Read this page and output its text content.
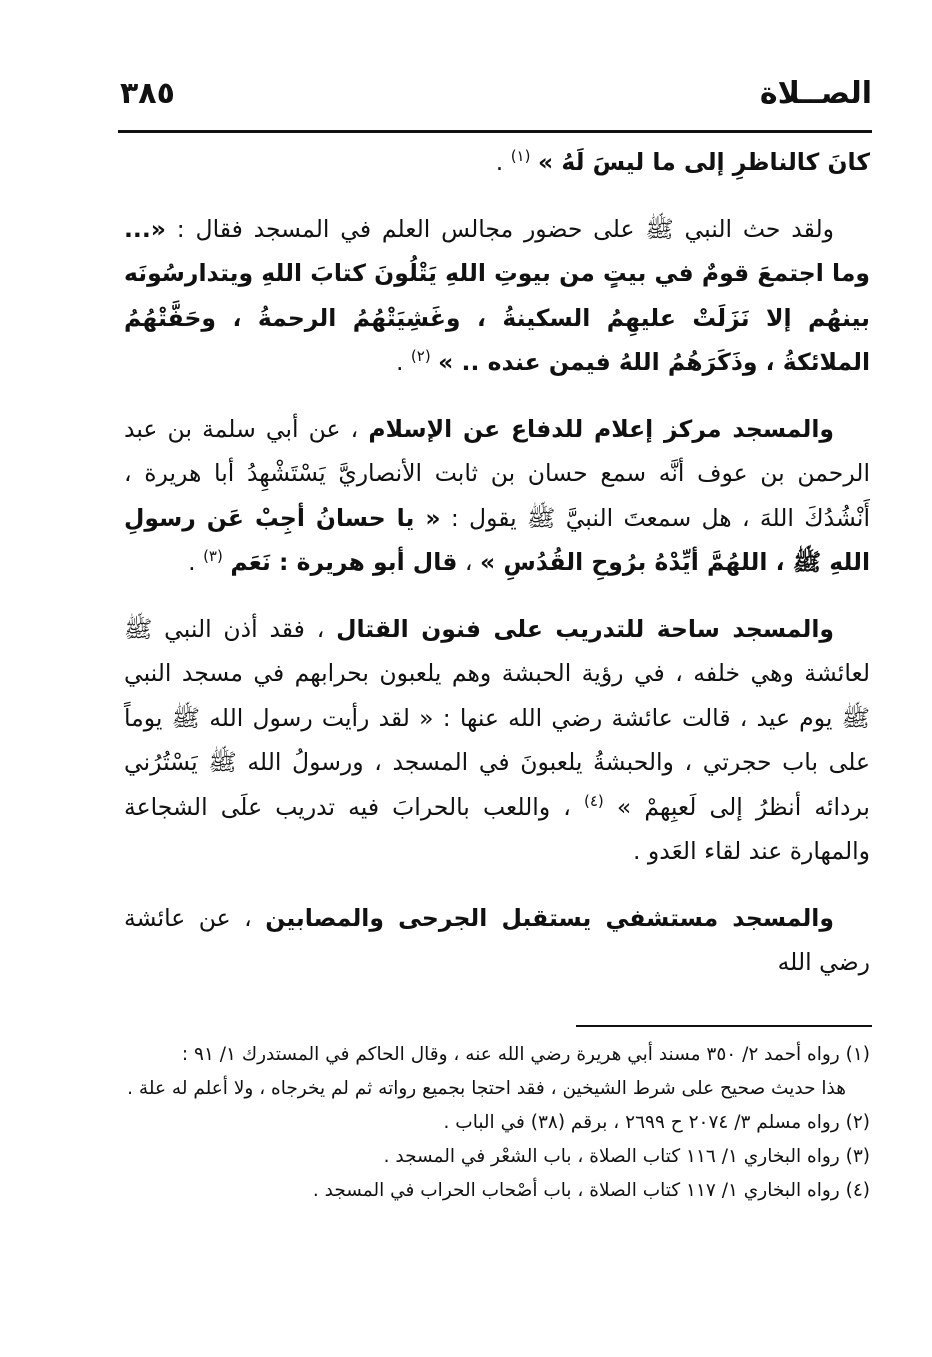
الصــلاة
٣٨٥

كانَ كالناظرِ إلى ما ليسَ لَهُ » $^{(١)}$ .

ولقد حث النبي ﷺ على حضور مجالس العلم في المسجد فقال : «... وما اجتمعَ قومٌ في بيتٍ من بيوتِ اللهِ يَتْلُونَ كتابَ اللهِ ويتدارسُونَه بينهُم إلا نَزَلَتْ عليهِمُ السكينةُ ، وغَشِيَتْهُمُ الرحمةُ ، وحَفَّتْهُمُ الملائكةُ ، وذَكَرَهُمُ اللهُ فيمن عنده .. » $^{(٢)}$ .

والمسجد مركز إعلام للدفاع عن الإسلام ، عن أبي سلمة بن عبد الرحمن بن عوف أنَّه سمع حسان بن ثابت الأنصاريَّ يَسْتَشْهِدُ أبا هريرة ، أَنْشُدُكَ اللهَ ، هل سمعتَ النبيَّ ﷺ يقول : « يا حسانُ أجِبْ عَن رسولِ اللهِ ﷺ ، اللهُمَّ أيِّدْهُ برُوحِ القُدُسِ » ، قال أبو هريرة : نَعَم $^{(٣)}$ .

والمسجد ساحة للتدريب على فنون القتال ، فقد أذن النبي ﷺ لعائشة وهي خلفه ، في رؤية الحبشة وهم يلعبون بحرابهم في مسجد النبي ﷺ يوم عيد ، قالت عائشة رضي الله عنها : « لقد رأيت رسول الله ﷺ يوماً على باب حجرتي ، والحبشةُ يلعبونَ في المسجد ، ورسولُ الله ﷺ يَسْتُرُني بردائه أنظرُ إلى لَعبِهمْ » $^{(٤)}$ ، واللعب بالحرابَ فيه تدريب علَى الشجاعة والمهارة عند لقاء العَدو .

والمسجد مستشفي يستقبل الجرحى والمصابين ، عن عائشة رضي الله

(١) رواه أحمد ٢/ ٣٥٠ مسند أبي هريرة رضي الله عنه ، وقال الحاكم في المستدرك ١/ ٩١ :

هذا حديث صحيح على شرط الشيخين ، فقد احتجا بجميع رواته ثم لم يخرجاه ، ولا أعلم له علة .

(٢) رواه مسلم ٣/ ٢٠٧٤ ح ٢٦٩٩ ، برقم (٣٨) في الباب .

(٣) رواه البخاري ١/ ١١٦ كتاب الصلاة ، باب الشعْر في المسجد .

(٤) رواه البخاري ١/ ١١٧ كتاب الصلاة ، باب أصْحاب الحراب في المسجد .
